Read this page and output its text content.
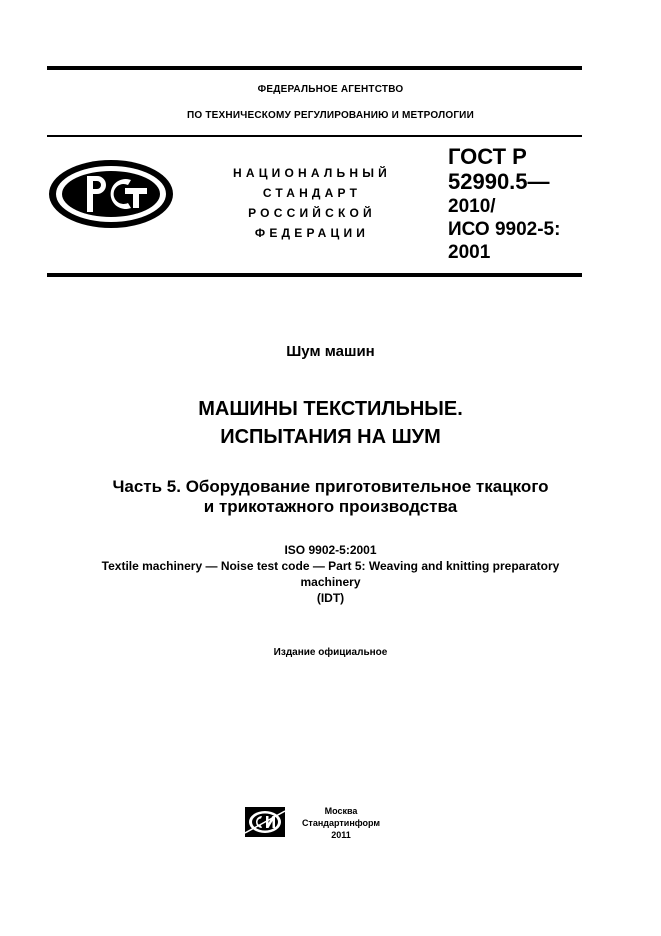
ФЕДЕРАЛЬНОЕ АГЕНТСТВО
ПО ТЕХНИЧЕСКОМУ РЕГУЛИРОВАНИЮ И МЕТРОЛОГИИ
НАЦИОНАЛЬНЫЙ
СТАНДАРТ
РОССИЙСКОЙ
ФЕДЕРАЦИИ
ГОСТ Р
52990.5—
2010/
ИСО 9902-5:
2001
Шум машин
МАШИНЫ ТЕКСТИЛЬНЫЕ.
ИСПЫТАНИЯ НА ШУМ
Часть 5. Оборудование приготовительное ткацкого
и трикотажного производства
ISO 9902-5:2001
Textile machinery — Noise test code — Part 5: Weaving and knitting preparatory
machinery
(IDT)
Издание официальное
Москва
Стандартинформ
2011
